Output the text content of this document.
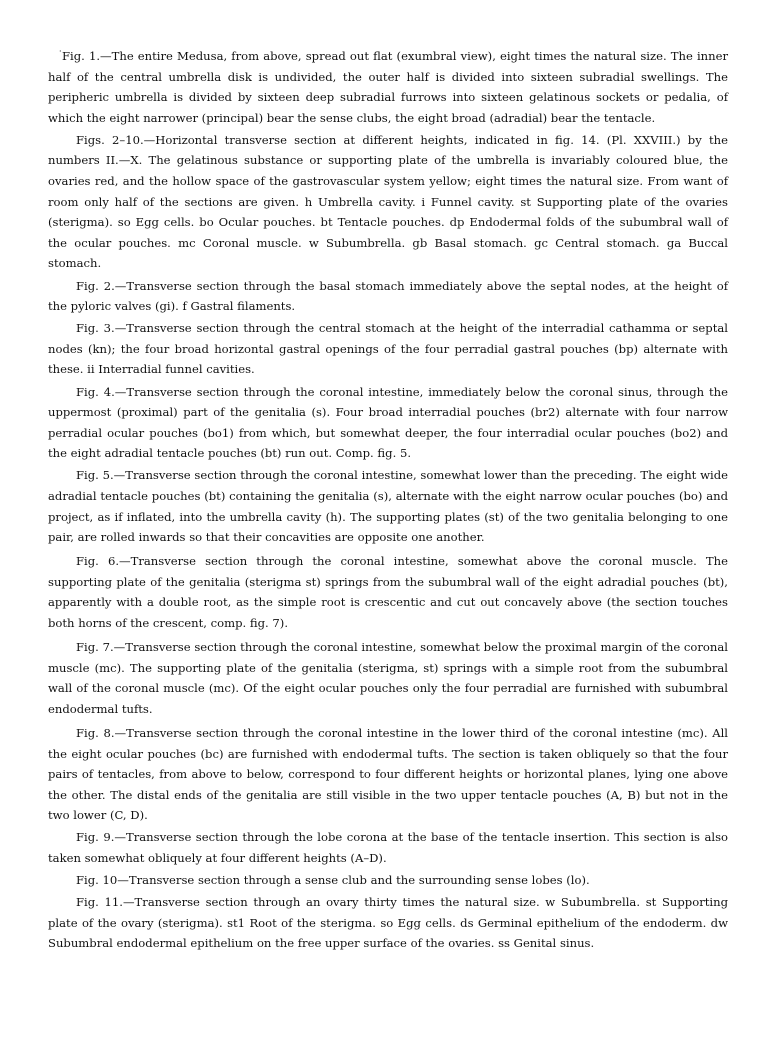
· Fig. 1.—The entire Medusa, from above, spread out flat (exumbral view), eight times the natural size. The inner half of the central umbrella disk is undivided, the outer half is divided into sixteen subradial swellings. The peripheric umbrella is divided by sixteen deep subradial furrows into sixteen gelatinous sockets or pedalia, of which the eight narrower (principal) bear the sense clubs, the eight broad (adradial) bear the tentacle.

Figs. 2–10.—Horizontal transverse section at different heights, indicated in fig. 14. (Pl. XXVIII.) by the numbers II.—X. The gelatinous substance or supporting plate of the umbrella is invariably coloured blue, the ovaries red, and the hollow space of the gastrovascular system yellow; eight times the natural size. From want of room only half of the sections are given. h Umbrella cavity. i Funnel cavity. st Supporting plate of the ovaries (sterigma). so Egg cells. bo Ocular pouches. bt Tentacle pouches. dp Endodermal folds of the subumbral wall of the ocular pouches. mc Coronal muscle. w Subumbrella. gb Basal stomach. gc Central stomach. ga Buccal stomach.

Fig. 2.—Transverse section through the basal stomach immediately above the septal nodes, at the height of the pyloric valves (gi). f Gastral filaments.

Fig. 3.—Transverse section through the central stomach at the height of the interradial cathamma or septal nodes (kn); the four broad horizontal gastral openings of the four perradial gastral pouches (bp) alternate with these. ii Interradial funnel cavities.

Fig. 4.—Transverse section through the coronal intestine, immediately below the coronal sinus, through the uppermost (proximal) part of the genitalia (s). Four broad interradial pouches (br2) alternate with four narrow perradial ocular pouches (bo1) from which, but somewhat deeper, the four interradial ocular pouches (bo2) and the eight adradial tentacle pouches (bt) run out. Comp. fig. 5.

Fig. 5.—Transverse section through the coronal intestine, somewhat lower than the preceding. The eight wide adradial tentacle pouches (bt) containing the genitalia (s), alternate with the eight narrow ocular pouches (bo) and project, as if inflated, into the umbrella cavity (h). The supporting plates (st) of the two genitalia belonging to one pair, are rolled inwards so that their concavities are opposite one another.

Fig. 6.—Transverse section through the coronal intestine, somewhat above the coronal muscle. The supporting plate of the genitalia (sterigma st) springs from the subumbral wall of the eight adradial pouches (bt), apparently with a double root, as the simple root is crescentic and cut out concavely above (the section touches both horns of the crescent, comp. fig. 7).

Fig. 7.—Transverse section through the coronal intestine, somewhat below the proximal margin of the coronal muscle (mc). The supporting plate of the genitalia (sterigma, st) springs with a simple root from the subumbral wall of the coronal muscle (mc). Of the eight ocular pouches only the four perradial are furnished with subumbral endodermal tufts.

Fig. 8.—Transverse section through the coronal intestine in the lower third of the coronal intestine (mc). All the eight ocular pouches (bc) are furnished with endodermal tufts. The section is taken obliquely so that the four pairs of tentacles, from above to below, correspond to four different heights or horizontal planes, lying one above the other. The distal ends of the genitalia are still visible in the two upper tentacle pouches (A, B) but not in the two lower (C, D).

Fig. 9.—Transverse section through the lobe corona at the base of the tentacle insertion. This section is also taken somewhat obliquely at four different heights (A–D).

Fig. 10—Transverse section through a sense club and the surrounding sense lobes (lo).

Fig. 11.—Transverse section through an ovary thirty times the natural size. w Subumbrella. st Supporting plate of the ovary (sterigma). st1 Root of the sterigma. so Egg cells. ds Germinal epithelium of the endoderm. dw Subumbral endodermal epithelium on the free upper surface of the ovaries. ss Genital sinus.
